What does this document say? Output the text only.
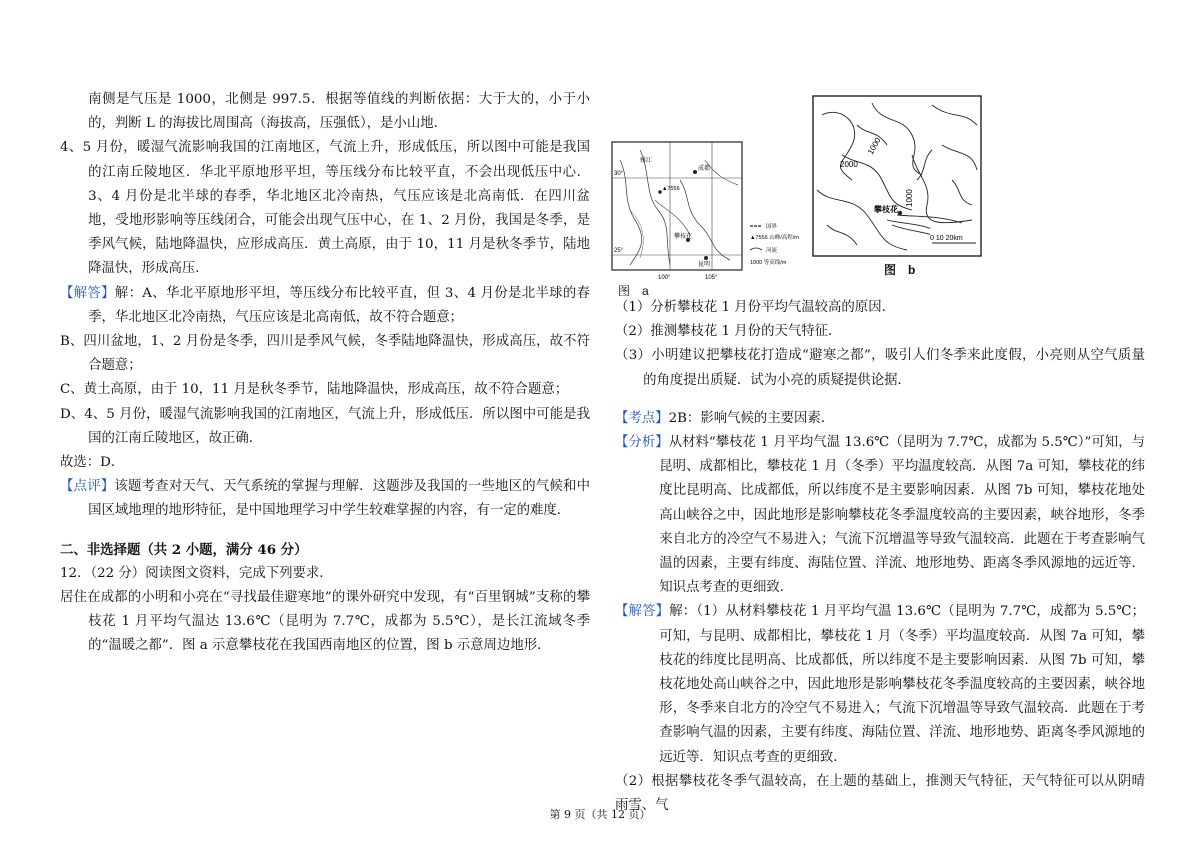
南侧是气压是 1000，北侧是 997.5．根据等值线的判断依据：大于大的，小于小的，判断 L 的海拔比周围高（海拔高，压强低），是小山地．

4、5 月份，暖湿气流影响我国的江南地区，气流上升，形成低压，所以图中可能是我国的江南丘陵地区．华北平原地形平坦，等压线分布比较平直，不会出现低压中心．3、4 月份是北半球的春季，华北地区北冷南热，气压应该是北高南低．在四川盆地，受地形影响等压线闭合，可能会出现气压中心，在 1、2 月份，我国是冬季，是季风气候，陆地降温快，应形成高压．黄土高原，由于 10，11 月是秋冬季节，陆地降温快，形成高压．

【解答】解：A、华北平原地形平坦，等压线分布比较平直，但 3、4 月份是北半球的春季，华北地区北冷南热，气压应该是北高南低，故不符合题意；

B、四川盆地，1、2 月份是冬季，四川是季风气候，冬季陆地降温快，形成高压，故不符合题意；

C、黄土高原，由于 10，11 月是秋冬季节，陆地降温快，形成高压，故不符合题意；

D、4、5 月份，暖湿气流影响我国的江南地区，气流上升，形成低压．所以图中可能是我国的江南丘陵地区，故正确．

故选：D．

【点评】该题考查对天气、天气系统的掌握与理解．这题涉及我国的一些地区的气候和中国区域地理的地形特征，是中国地理学习中学生较难掌握的内容，有一定的难度．

二、非选择题（共 2 小题，满分 46 分）

12．（22 分）阅读图文资料，完成下列要求．

居住在成都的小明和小亮在“寻找最佳避寒地”的课外研究中发现，有“百里钢城”支称的攀枝花 1 月平均气温达 13.6℃（昆明为 7.7℃，成都为 5.5℃），是长江流域冬季的“温暖之都”．图 a 示意攀枝花在我国西南地区的位置，图 b 示意周边地形．

成都
雅江
▲7556
攀枝花
昆明
30°
25°
100°	105°
国界
▲7556 山峰/高程/m
河流
1000 等高线/m
图　a
1000
2000
1000
攀枝花
0 10 20km
图　b

（1）分析攀枝花 1 月份平均气温较高的原因．

（2）推测攀枝花 1 月份的天气特征．

（3）小明建议把攀枝花打造成“避寒之都”，吸引人们冬季来此度假，小亮则从空气质量的角度提出质疑．试为小亮的质疑提供论据．

【考点】2B：影响气候的主要因素．

【分析】从材料“攀枝花 1 月平均气温 13.6℃（昆明为 7.7℃，成都为 5.5℃）”可知，与昆明、成都相比，攀枝花 1 月（冬季）平均温度较高．从图 7a 可知，攀枝花的纬度比昆明高、比成都低，所以纬度不是主要影响因素．从图 7b 可知，攀枝花地处高山峡谷之中，因此地形是影响攀枝花冬季温度较高的主要因素，峡谷地形，冬季来自北方的冷空气不易进入；气流下沉增温等导致气温较高．此题在于考查影响气温的因素，主要有纬度、海陆位置、洋流、地形地势、距离冬季风源地的远近等．知识点考查的更细致．

【解答】解：（1）从材料攀枝花 1 月平均气温 13.6℃（昆明为 7.7℃，成都为 5.5℃；可知，与昆明、成都相比，攀枝花 1 月（冬季）平均温度较高．从图 7a 可知，攀枝花的纬度比昆明高、比成都低，所以纬度不是主要影响因素．从图 7b 可知，攀枝花地处高山峡谷之中，因此地形是影响攀枝花冬季温度较高的主要因素，峡谷地形，冬季来自北方的冷空气不易进入；气流下沉增温等导致气温较高．此题在于考查影响气温的因素，主要有纬度、海陆位置、洋流、地形地势、距离冬季风源地的远近等．知识点考查的更细致．

（2）根据攀枝花冬季气温较高，在上题的基础上，推测天气特征，天气特征可以从阴晴雨雪、气

第 9 页（共 12 页）
